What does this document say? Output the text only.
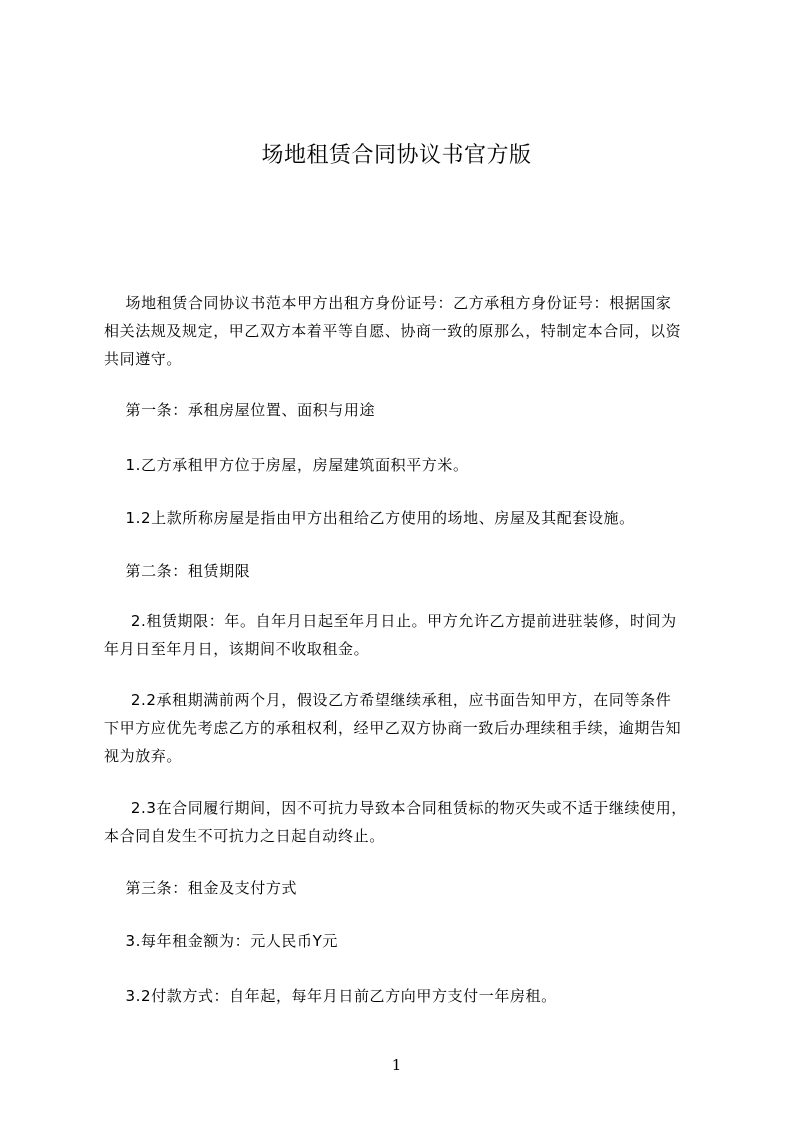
场地租赁合同协议书官方版

场地租赁合同协议书范本甲方出租方身份证号：乙方承租方身份证号：根据国家
相关法规及规定，甲乙双方本着平等自愿、协商一致的原那么，特制定本合同，以资
共同遵守。

第一条：承租房屋位置、面积与用途

1.乙方承租甲方位于房屋，房屋建筑面积平方米。

1.2上款所称房屋是指由甲方出租给乙方使用的场地、房屋及其配套设施。

第二条：租赁期限

2.租赁期限：年。自年月日起至年月日止。甲方允许乙方提前进驻装修，时间为
年月日至年月日，该期间不收取租金。

2.2承租期满前两个月，假设乙方希望继续承租，应书面告知甲方，在同等条件
下甲方应优先考虑乙方的承租权利，经甲乙双方协商一致后办理续租手续，逾期告知
视为放弃。

2.3在合同履行期间，因不可抗力导致本合同租赁标的物灭失或不适于继续使用，
本合同自发生不可抗力之日起自动终止。

第三条：租金及支付方式

3.每年租金额为：元人民币Y元

3.2付款方式：自年起，每年月日前乙方向甲方支付一年房租。

1
